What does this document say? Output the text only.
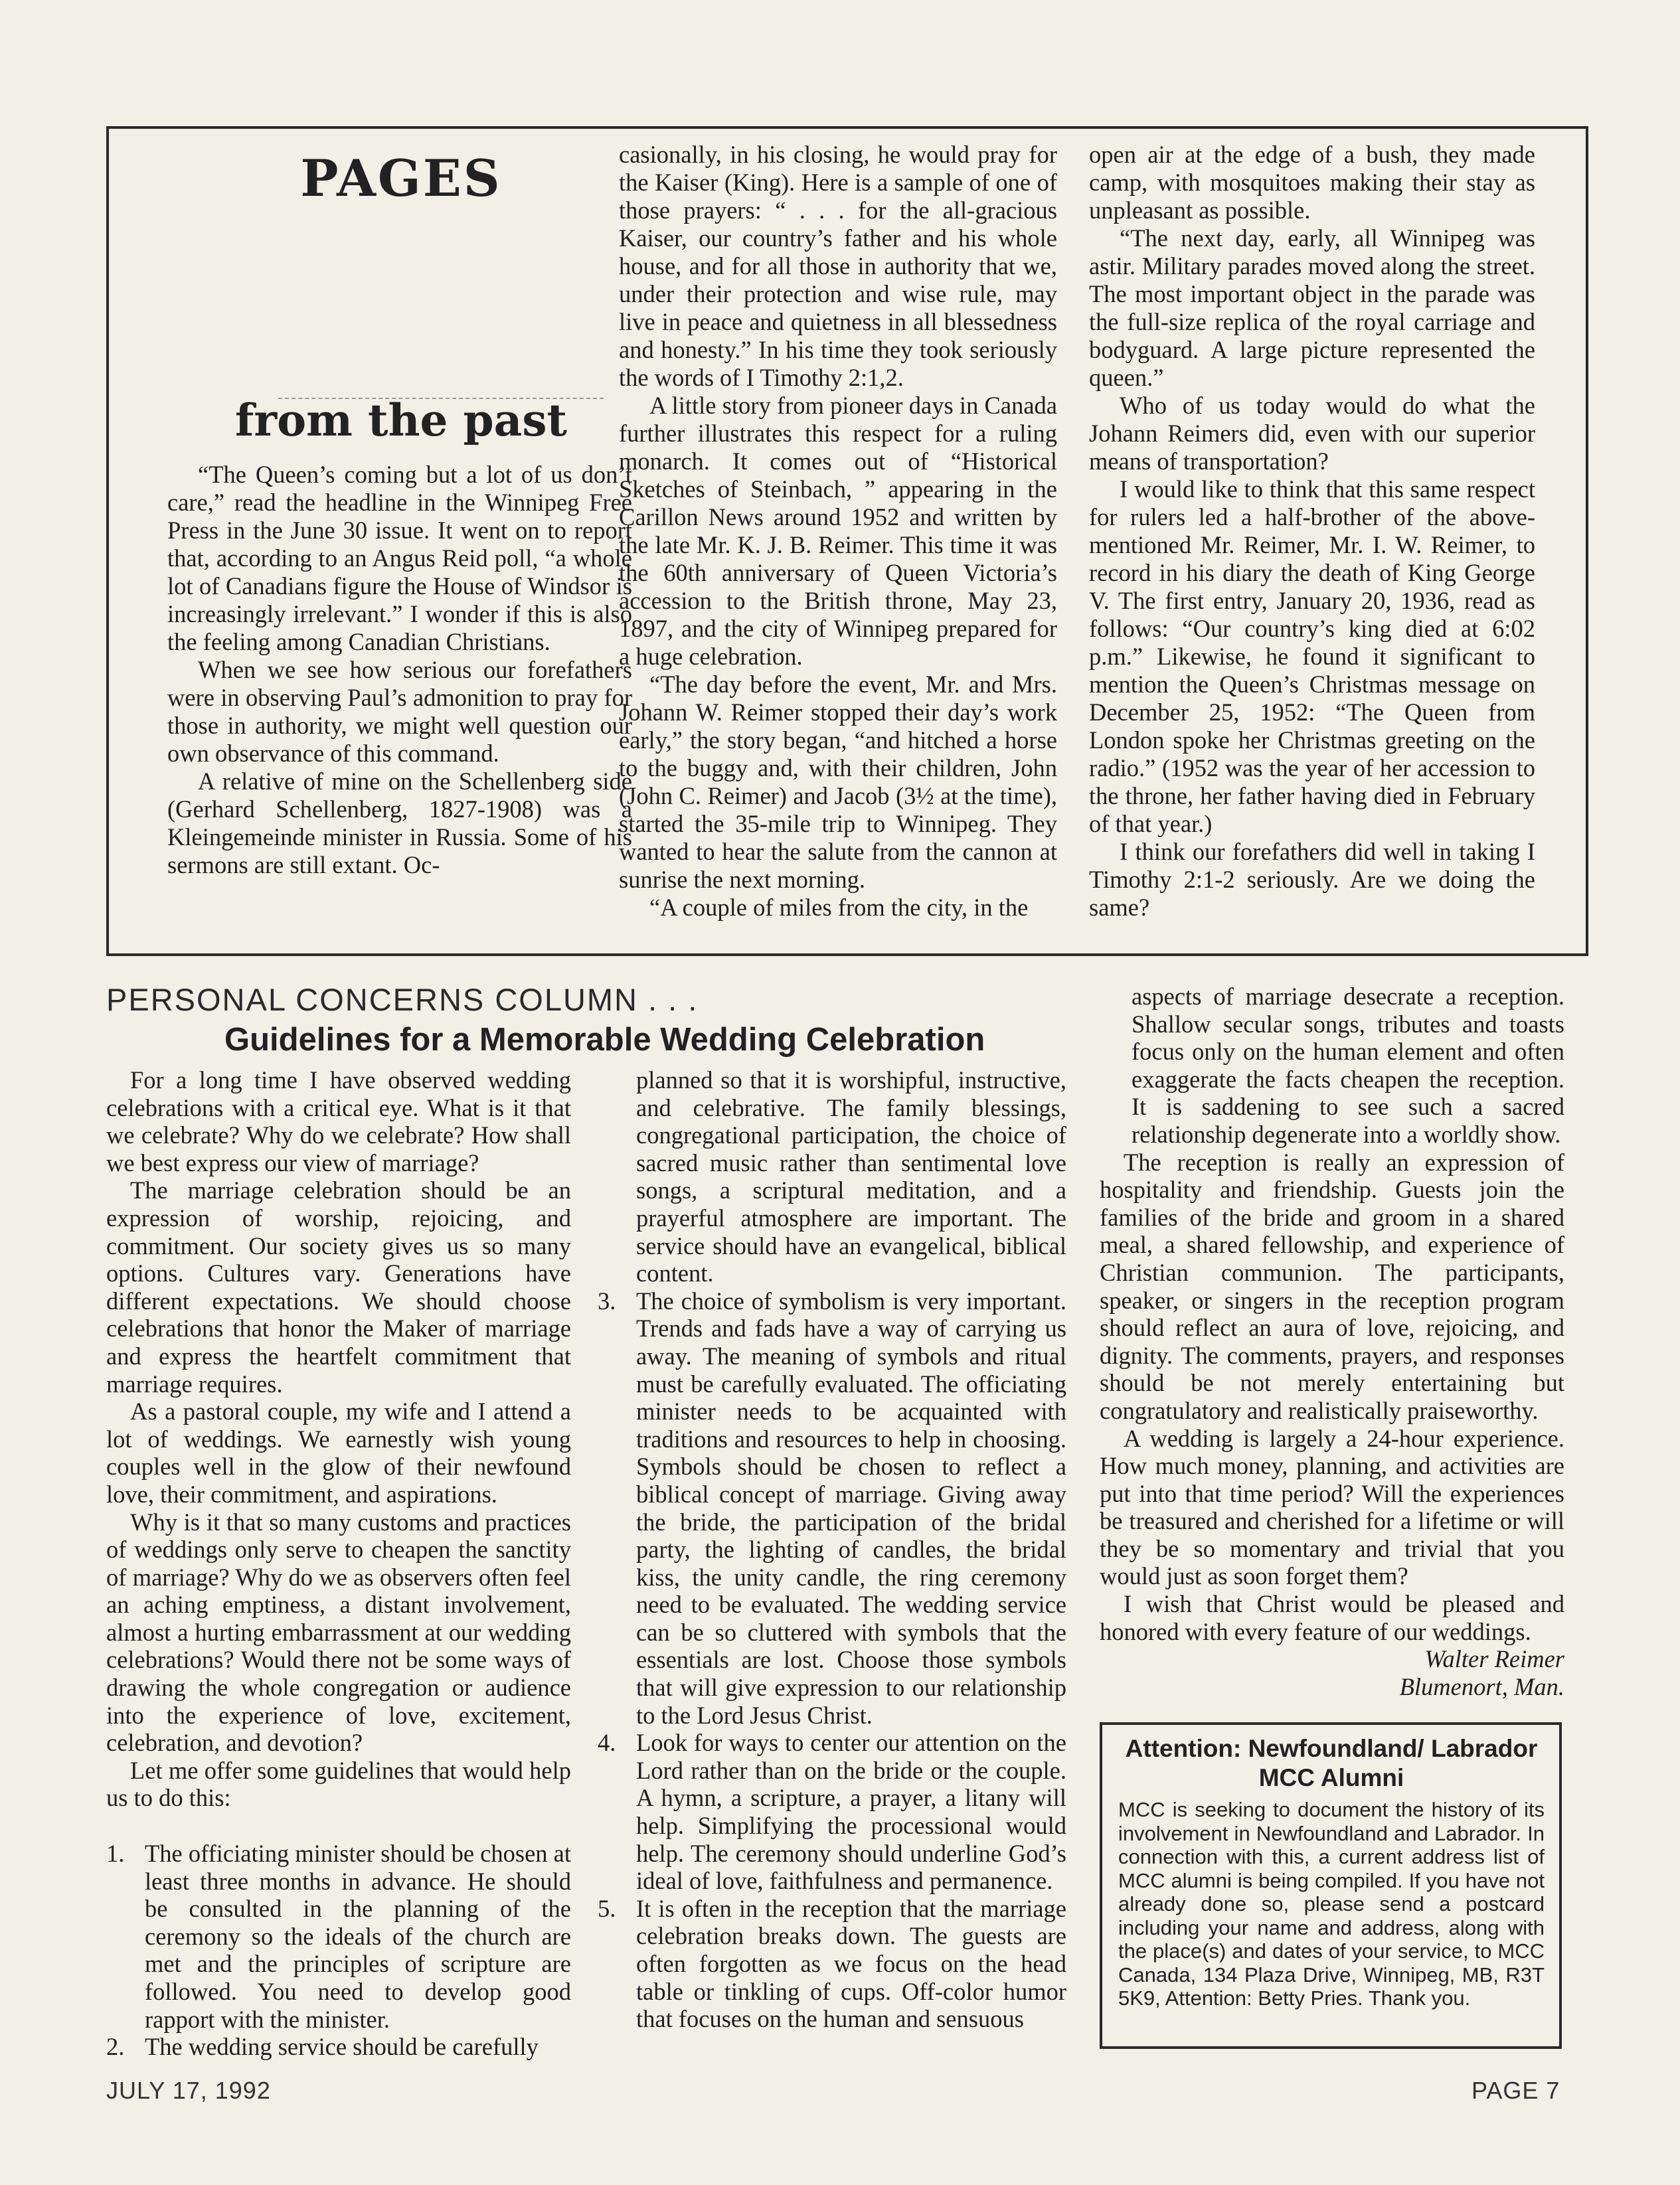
PAGES
from the past

“The Queen’s coming but a lot of us don’t care,” read the headline in the Winnipeg Free Press in the June 30 issue. It went on to report that, according to an Angus Reid poll, “a whole lot of Canadians figure the House of Windsor is increasingly irrelevant.” I wonder if this is also the feeling among Canadian Christians.

When we see how serious our forefathers were in observing Paul’s admonition to pray for those in authority, we might well question our own observance of this command.

A relative of mine on the Schellenberg side (Gerhard Schellenberg, 1827-1908) was a Kleingemeinde minister in Russia. Some of his sermons are still extant. Oc-

casionally, in his closing, he would pray for the Kaiser (King). Here is a sample of one of those prayers: “ . . . for the all-gracious Kaiser, our country’s father and his whole house, and for all those in authority that we, under their protection and wise rule, may live in peace and quietness in all blessedness and honesty.” In his time they took seriously the words of I Timothy 2:1,2.

A little story from pioneer days in Canada further illustrates this respect for a ruling monarch. It comes out of “Historical Sketches of Steinbach, ” appearing in the Carillon News around 1952 and written by the late Mr. K. J. B. Reimer. This time it was the 60th anniversary of Queen Victoria’s accession to the British throne, May 23, 1897, and the city of Winnipeg prepared for a huge celebration.

“The day before the event, Mr. and Mrs. Johann W. Reimer stopped their day’s work early,” the story began, “and hitched a horse to the buggy and, with their children, John (John C. Reimer) and Jacob (3½ at the time), started the 35-mile trip to Winnipeg. They wanted to hear the salute from the cannon at sunrise the next morning.

“A couple of miles from the city, in the

open air at the edge of a bush, they made camp, with mosquitoes making their stay as unpleasant as possible.

“The next day, early, all Winnipeg was astir. Military parades moved along the street. The most important object in the parade was the full-size replica of the royal carriage and bodyguard. A large picture represented the queen.”

Who of us today would do what the Johann Reimers did, even with our superior means of transportation?

I would like to think that this same respect for rulers led a half-brother of the above-mentioned Mr. Reimer, Mr. I. W. Reimer, to record in his diary the death of King George V. The first entry, January 20, 1936, read as follows: “Our country’s king died at 6:02 p.m.” Likewise, he found it significant to mention the Queen’s Christmas message on December 25, 1952: “The Queen from London spoke her Christmas greeting on the radio.” (1952 was the year of her accession to the throne, her father having died in February of that year.)

I think our forefathers did well in taking I Timothy 2:1-2 seriously. Are we doing the same?

PERSONAL CONCERNS COLUMN . . .
Guidelines for a Memorable Wedding Celebration

For a long time I have observed wedding celebrations with a critical eye. What is it that we celebrate? Why do we celebrate? How shall we best express our view of marriage?

The marriage celebration should be an expression of worship, rejoicing, and commitment. Our society gives us so many options. Cultures vary. Generations have different expectations. We should choose celebrations that honor the Maker of marriage and express the heartfelt commitment that marriage requires.

As a pastoral couple, my wife and I attend a lot of weddings. We earnestly wish young couples well in the glow of their newfound love, their commitment, and aspirations.

Why is it that so many customs and practices of weddings only serve to cheapen the sanctity of marriage? Why do we as observers often feel an aching emptiness, a distant involvement, almost a hurting embarrassment at our wedding celebrations? Would there not be some ways of drawing the whole congregation or audience into the experience of love, excitement, celebration, and devotion?

Let me offer some guidelines that would help us to do this:

1. The officiating minister should be chosen at least three months in advance. He should be consulted in the planning of the ceremony so the ideals of the church are met and the principles of scripture are followed. You need to develop good rapport with the minister.
2. The wedding service should be carefully
planned so that it is worshipful, instructive, and celebrative. The family blessings, congregational participation, the choice of sacred music rather than sentimental love songs, a scriptural meditation, and a prayerful atmosphere are important. The service should have an evangelical, biblical content.
3. The choice of symbolism is very important. Trends and fads have a way of carrying us away. The meaning of symbols and ritual must be carefully evaluated. The officiating minister needs to be acquainted with traditions and resources to help in choosing. Symbols should be chosen to reflect a biblical concept of marriage. Giving away the bride, the participation of the bridal party, the lighting of candles, the bridal kiss, the unity candle, the ring ceremony need to be evaluated. The wedding service can be so cluttered with symbols that the essentials are lost. Choose those symbols that will give expression to our relationship to the Lord Jesus Christ.
4. Look for ways to center our attention on the Lord rather than on the bride or the couple. A hymn, a scripture, a prayer, a litany will help. Simplifying the processional would help. The ceremony should underline God’s ideal of love, faithfulness and permanence.
5. It is often in the reception that the marriage celebration breaks down. The guests are often forgotten as we focus on the head table or tinkling of cups. Off-color humor that focuses on the human and sensuous

aspects of marriage desecrate a reception. Shallow secular songs, tributes and toasts focus only on the human element and often exaggerate the facts cheapen the reception. It is saddening to see such a sacred relationship degenerate into a worldly show.

The reception is really an expression of hospitality and friendship. Guests join the families of the bride and groom in a shared meal, a shared fellowship, and experience of Christian communion. The participants, speaker, or singers in the reception program should reflect an aura of love, rejoicing, and dignity. The comments, prayers, and responses should be not merely entertaining but congratulatory and realistically praiseworthy.

A wedding is largely a 24-hour experience. How much money, planning, and activities are put into that time period? Will the experiences be treasured and cherished for a lifetime or will they be so momentary and trivial that you would just as soon forget them?

I wish that Christ would be pleased and honored with every feature of our weddings.

Walter Reimer
Blumenort, Man.
Attention: Newfoundland/ Labrador MCC Alumni
MCC is seeking to document the history of its involvement in Newfoundland and Labrador. In connection with this, a current address list of MCC alumni is being compiled. If you have not already done so, please send a postcard including your name and address, along with the place(s) and dates of your service, to MCC Canada, 134 Plaza Drive, Winnipeg, MB, R3T 5K9, Attention: Betty Pries. Thank you.
JULY 17, 1992	PAGE 7
